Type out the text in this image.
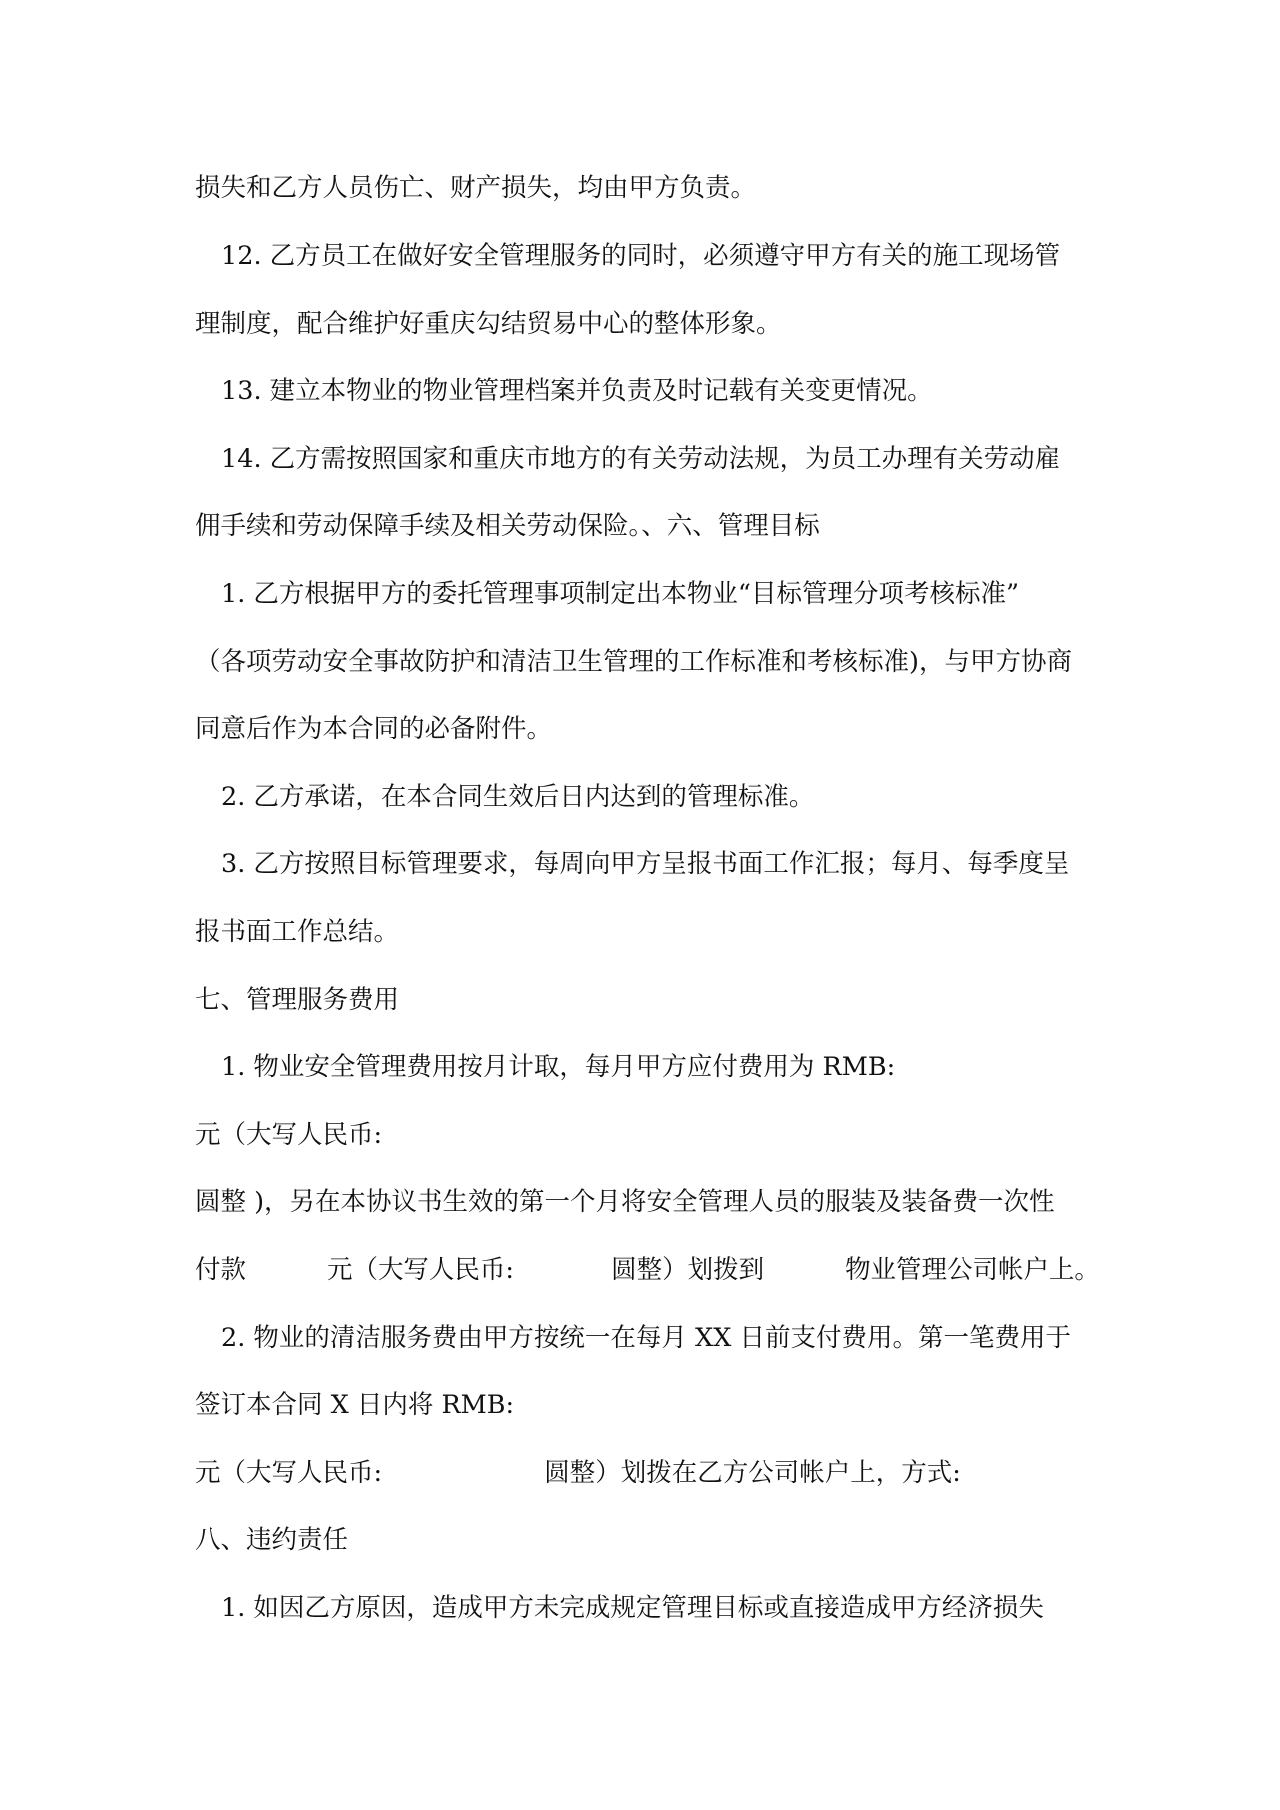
损失和乙方人员伤亡、财产损失，均由甲方负责。

12. 乙方员工在做好安全管理服务的同时，必须遵守甲方有关的施工现场管

理制度，配合维护好重庆勾结贸易中心的整体形象。

13. 建立本物业的物业管理档案并负责及时记载有关变更情况。

14. 乙方需按照国家和重庆市地方的有关劳动法规，为员工办理有关劳动雇

佣手续和劳动保障手续及相关劳动保险。、六、管理目标

1. 乙方根据甲方的委托管理事项制定出本物业“目标管理分项考核标准”

（各项劳动安全事故防护和清洁卫生管理的工作标准和考核标准)，与甲方协商

同意后作为本合同的必备附件。

2. 乙方承诺，在本合同生效后日内达到的管理标准。

3. 乙方按照目标管理要求，每周向甲方呈报书面工作汇报；每月、每季度呈

报书面工作总结。

七、管理服务费用

1. 物业安全管理费用按月计取，每月甲方应付费用为 RMB:

元（大写人民币:

圆整 )，另在本协议书生效的第一个月将安全管理人员的服装及装备费一次性

付款          元（大写人民币:            圆整）划拨到          物业管理公司帐户上。

2. 物业的清洁服务费由甲方按统一在每月 XX 日前支付费用。第一笔费用于

签订本合同 X 日内将 RMB:

元（大写人民币:                    圆整）划拨在乙方公司帐户上，方式:

八、违约责任

1. 如因乙方原因，造成甲方未完成规定管理目标或直接造成甲方经济损失
